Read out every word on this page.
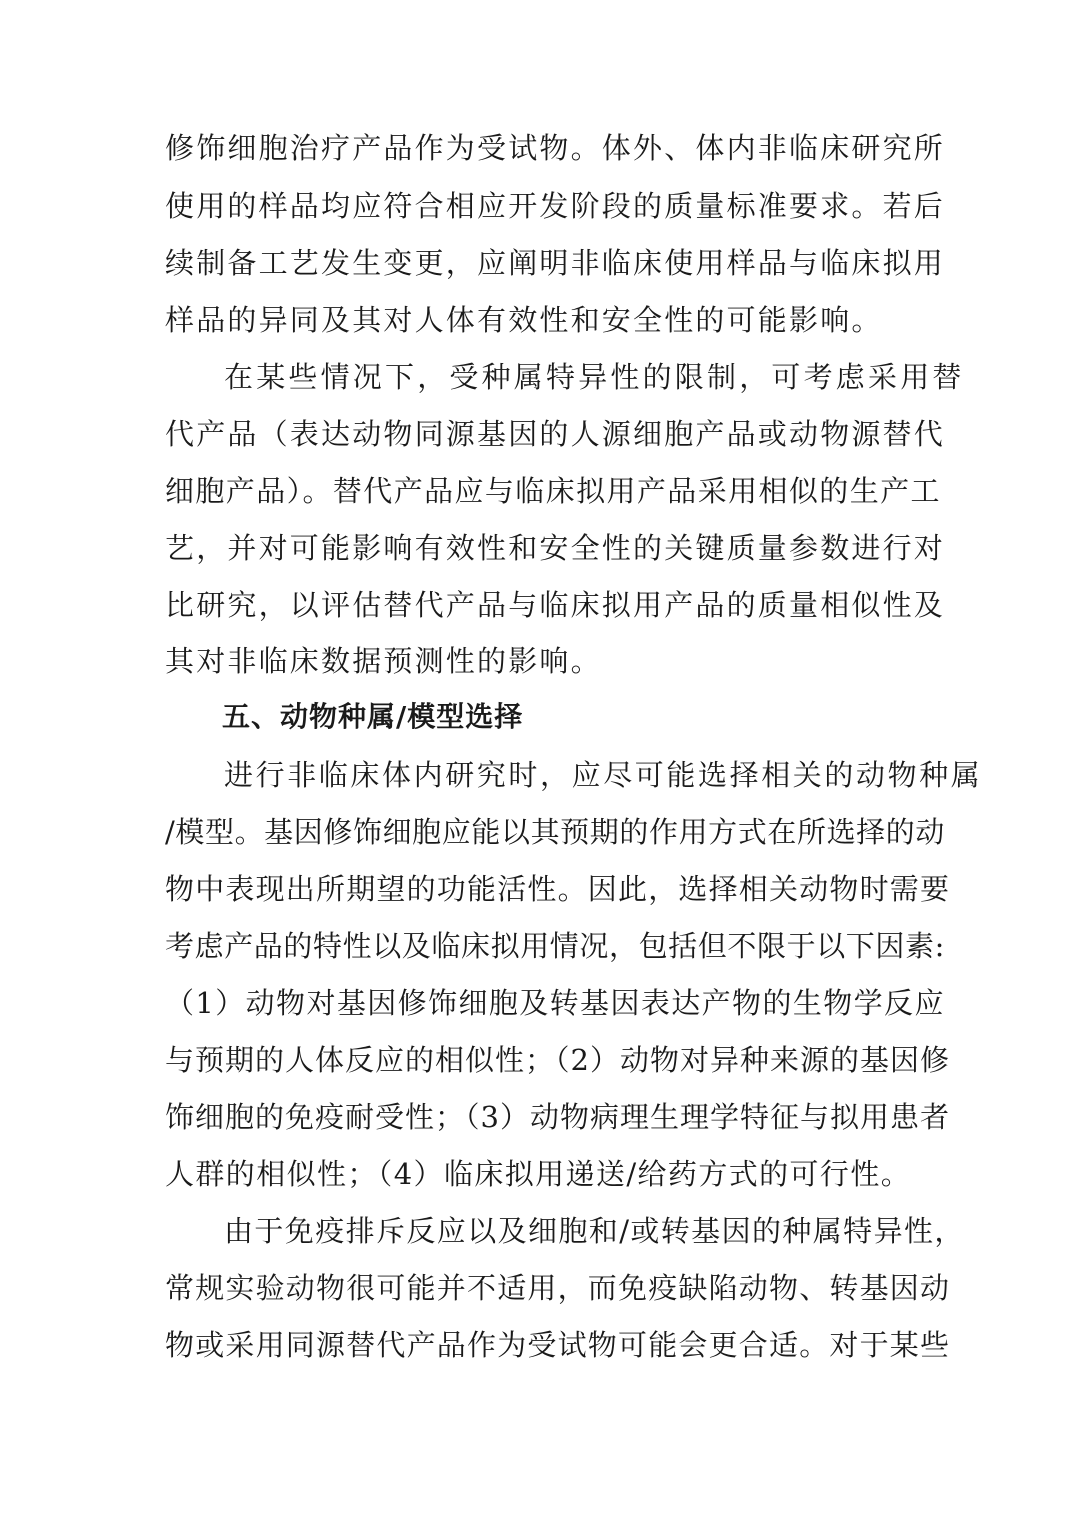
修饰细胞治疗产品作为受试物。体外、体内非临床研究所
使用的样品均应符合相应开发阶段的质量标准要求。若后
续制备工艺发生变更，应阐明非临床使用样品与临床拟用
样品的异同及其对人体有效性和安全性的可能影响。
在某些情况下，受种属特异性的限制，可考虑采用替
代产品（表达动物同源基因的人源细胞产品或动物源替代
细胞产品）。替代产品应与临床拟用产品采用相似的生产工
艺，并对可能影响有效性和安全性的关键质量参数进行对
比研究，以评估替代产品与临床拟用产品的质量相似性及
其对非临床数据预测性的影响。
五、动物种属/模型选择
进行非临床体内研究时，应尽可能选择相关的动物种属
/模型。基因修饰细胞应能以其预期的作用方式在所选择的动
物中表现出所期望的功能活性。因此，选择相关动物时需要
考虑产品的特性以及临床拟用情况，包括但不限于以下因素:
（1）动物对基因修饰细胞及转基因表达产物的生物学反应
与预期的人体反应的相似性；（2）动物对异种来源的基因修
饰细胞的免疫耐受性；（3）动物病理生理学特征与拟用患者
人群的相似性；（4）临床拟用递送/给药方式的可行性。
由于免疫排斥反应以及细胞和/或转基因的种属特异性，
常规实验动物很可能并不适用，而免疫缺陷动物、转基因动
物或采用同源替代产品作为受试物可能会更合适。对于某些
